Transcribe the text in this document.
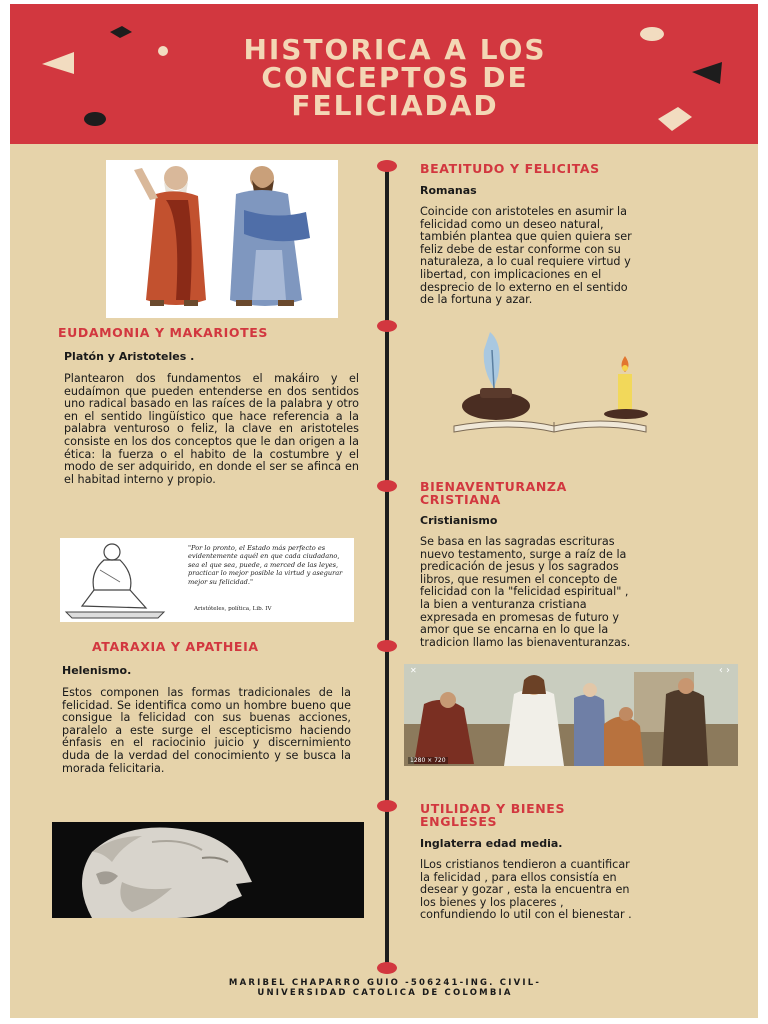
HISTORICA A LOS
CONCEPTOS DE
FELICIADAD
BEATITUDO Y FELICITAS
Romanas
Coincide con aristoteles en asumir la
felicidad como un deseo natural,
también plantea que quien quiera ser
feliz debe de estar conforme con su
naturaleza, a lo cual requiere virtud y
libertad, con implicaciones en el
desprecio de lo externo en el sentido
de la fortuna y azar.
EUDAMONIA Y MAKARIOTES
Platón y Aristoteles .
Plantearon dos fundamentos el makáiro y el eudaímon que pueden entenderse en dos sentidos uno radical basado en las raíces de la palabra y otro en el sentido lingüístico que hace referencia a la palabra venturoso o feliz, la clave en aristoteles consiste en los dos conceptos que le dan origen a la ética: la fuerza o el habito de la costumbre y el modo de ser adquirido, en donde el ser se afinca en el habitad interno y propio.	BIENAVENTURANZA
CRISTIANA
Cristianismo
Se basa en las sagradas escrituras
nuevo testamento, surge a raíz de la
predicación de jesus y los sagrados
libros, que resumen el concepto de
felicidad con la "felicidad espiritual" ,
la bien a venturanza cristiana
expresada en promesas de futuro y
amor que se encarna en lo que la
tradicion llamo las bienaventuranzas.
"Por lo pronto, el Estado más perfecto es evidentemente aquél en que cada ciudadano, sea el que sea, puede, a merced de las leyes, practicar lo mejor posible la virtud y asegurar mejor su felicidad."
Aristóteles, política, Lib. IV
ATARAXIA Y APATHEIA
Helenismo.
Estos componen las formas tradicionales de la felicidad. Se identifica como un hombre bueno que consigue la felicidad con sus buenas acciones, paralelo a este surge el escepticismo haciendo énfasis en el raciocinio juicio y discernimiento duda de la verdad del conocimiento y se busca la morada felicitaria.
✕	‹ ›
1280 × 720
UTILIDAD Y BIENES
ENGLESES
Inglaterra edad media.
lLos cristianos tendieron a cuantificar
la felicidad , para ellos consistía en
desear y gozar , esta la encuentra en
los bienes y los placeres ,
confundiendo lo util con el bienestar .
MARIBEL CHAPARRO GUIO -506241-ING. CIVIL-
UNIVERSIDAD CATOLICA DE COLOMBIA
